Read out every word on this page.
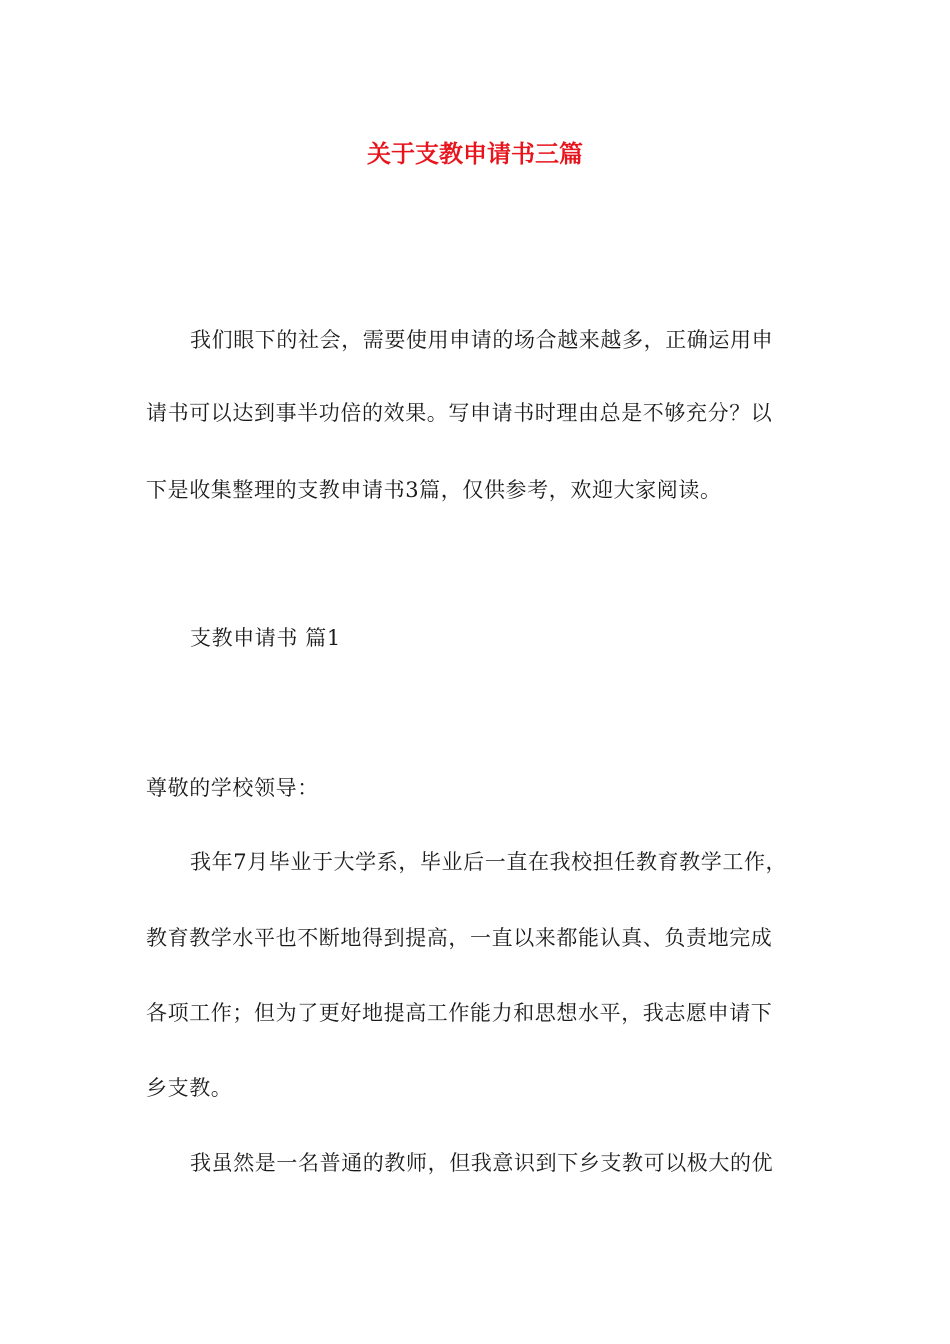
关于支教申请书三篇
我们眼下的社会，需要使用申请的场合越来越多，正确运用申
请书可以达到事半功倍的效果。写申请书时理由总是不够充分？以
下是收集整理的支教申请书3篇，仅供参考，欢迎大家阅读。
支教申请书 篇1
尊敬的学校领导：
我年7月毕业于大学系，毕业后一直在我校担任教育教学工作，
教育教学水平也不断地得到提高，一直以来都能认真、负责地完成
各项工作；但为了更好地提高工作能力和思想水平，我志愿申请下
乡支教。
我虽然是一名普通的教师，但我意识到下乡支教可以极大的优
